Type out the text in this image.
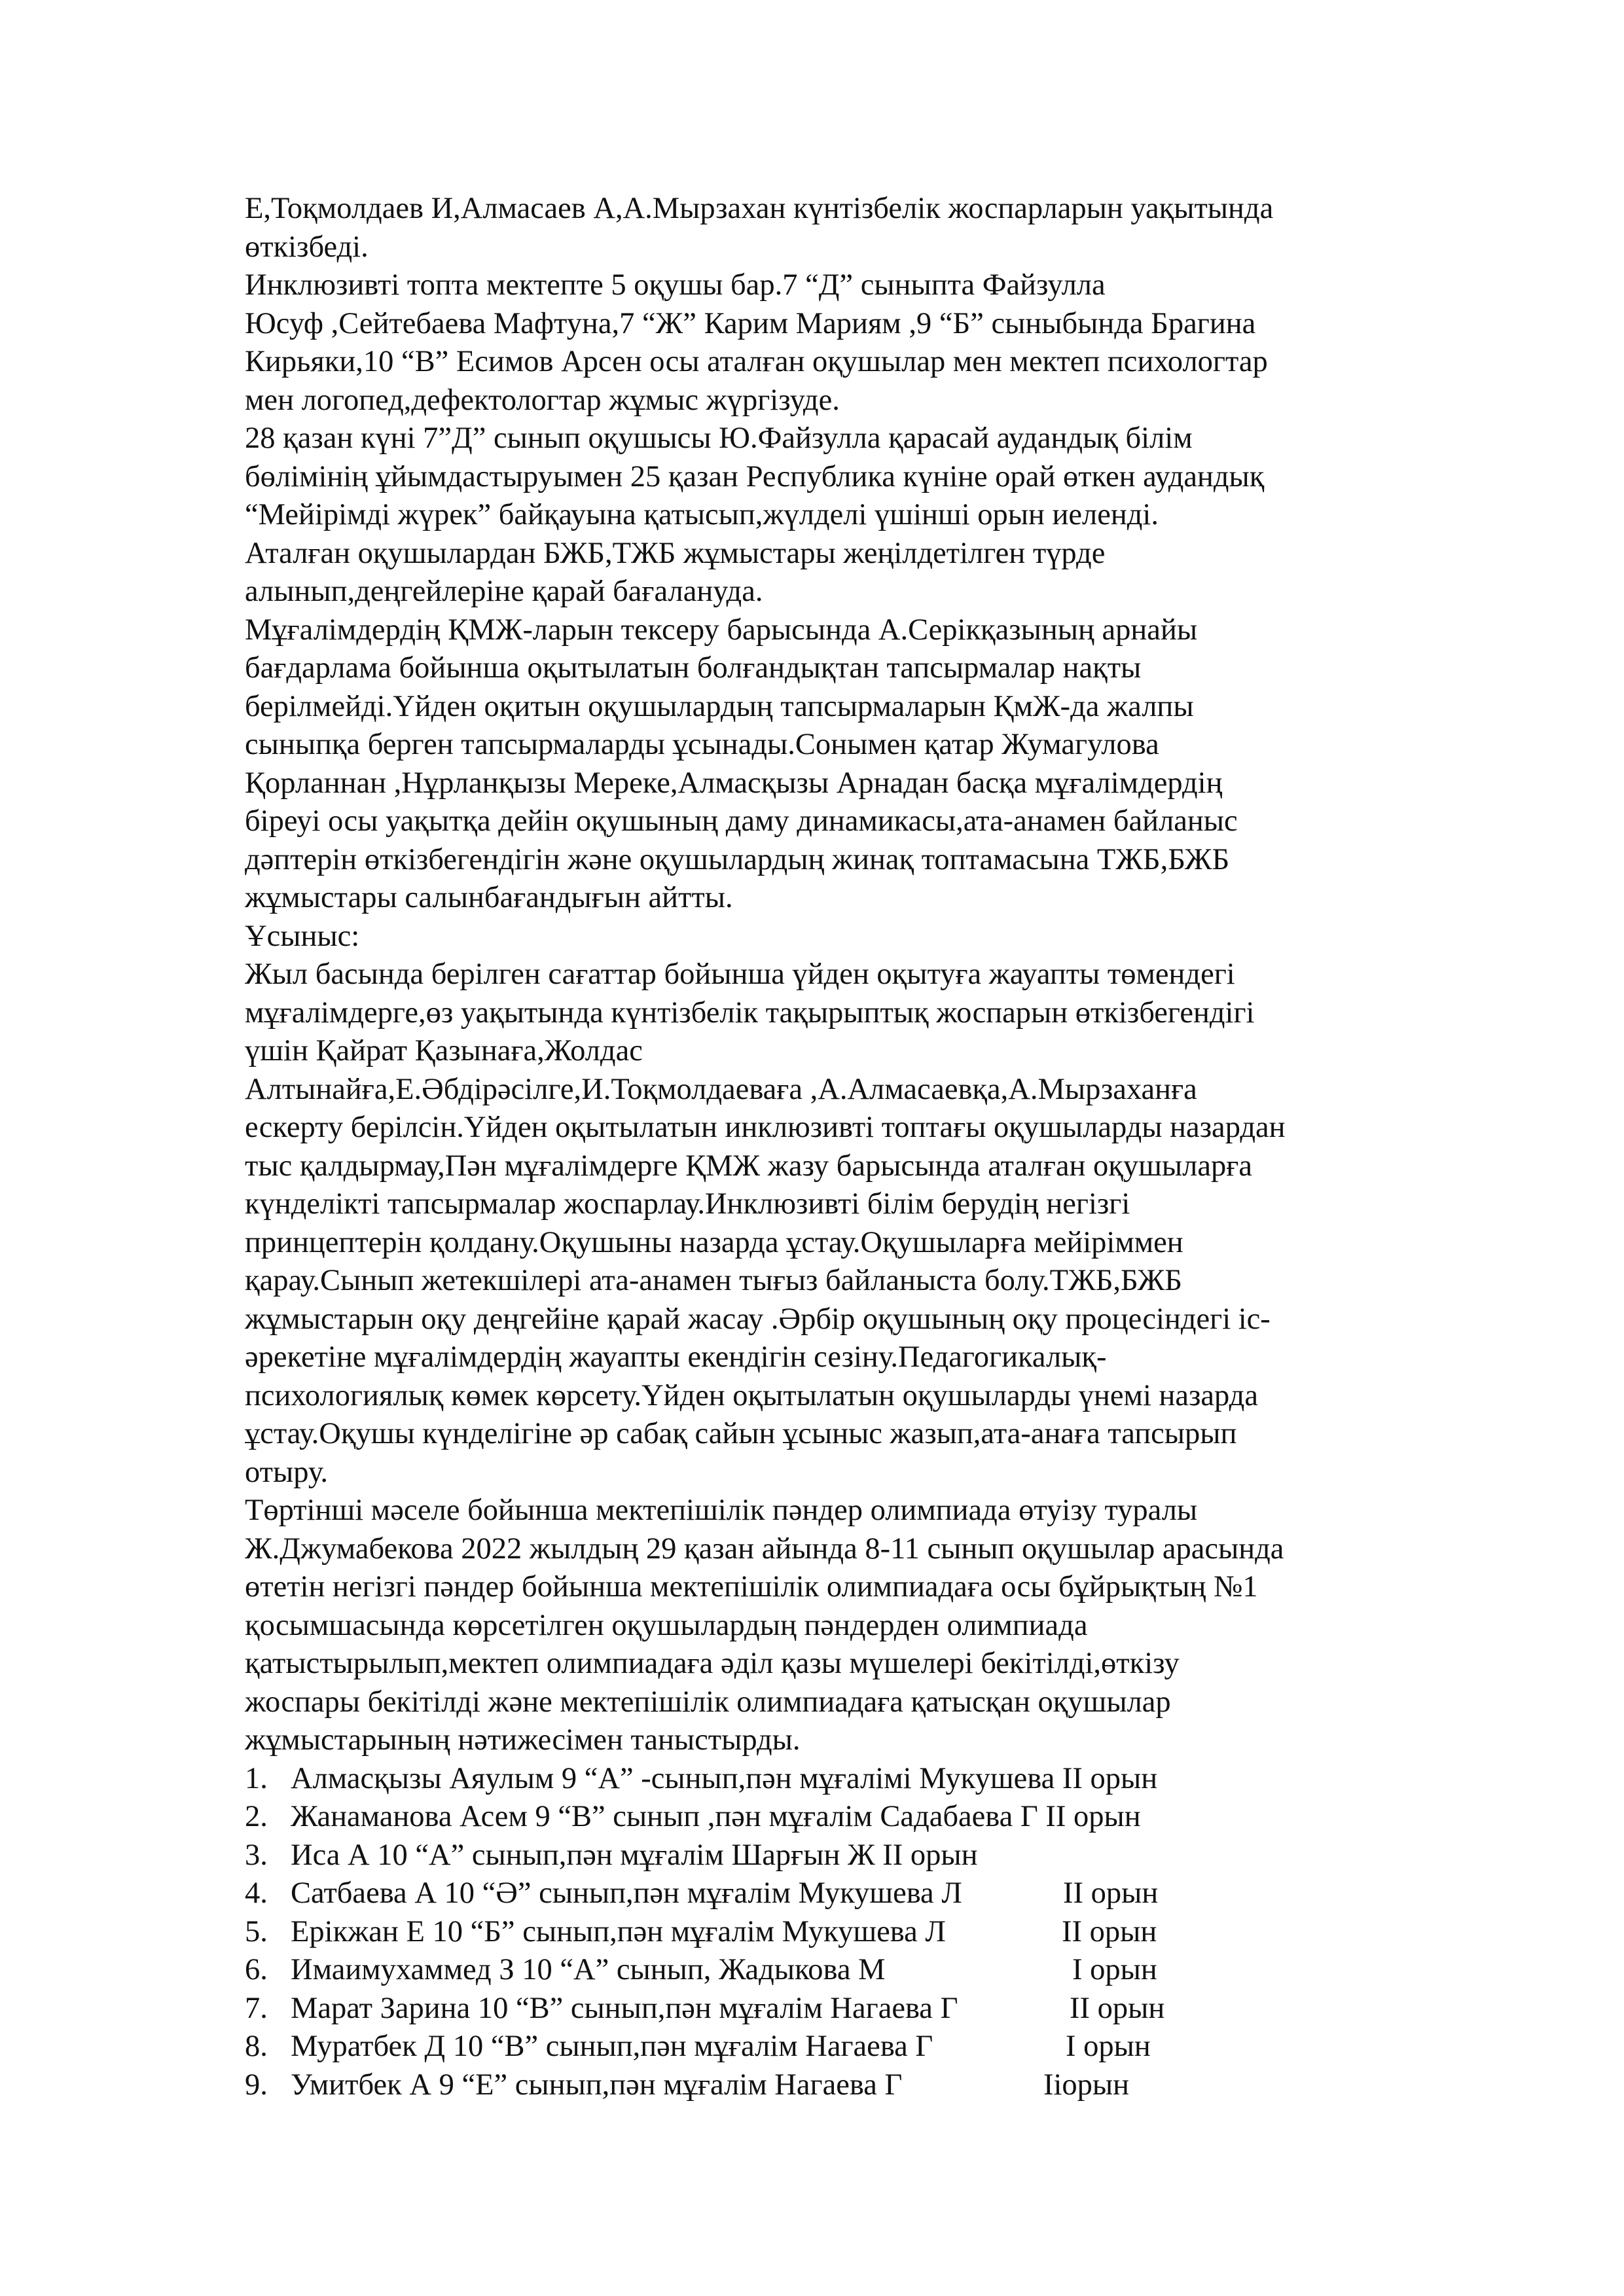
Е,Тоқмолдаев И,Алмасаев А,А.Мырзахан күнтізбелік жоспарларын уақытында
өткізбеді.
Инклюзивті топта мектепте 5 оқушы бар.7 “Д” сыныпта Файзулла
Юсуф ,Сейтебаева Мафтуна,7 “Ж” Карим Мариям ,9 “Б” сыныбында Брагина
Кирьяки,10 “В” Есимов Арсен осы аталған оқушылар мен мектеп психологтар
мен логопед,дефектологтар жұмыс жүргізуде.
28 қазан күні 7”Д” сынып оқушысы Ю.Файзулла қарасай аудандық білім
бөлімінің ұйымдастыруымен 25 қазан Республика күніне орай өткен аудандық
“Мейірімді жүрек” байқауына қатысып,жүлделі үшінші орын иеленді.
Аталған оқушылардан БЖБ,ТЖБ жұмыстары жеңілдетілген түрде
алынып,деңгейлеріне қарай бағалануда.
Мұғалімдердің ҚМЖ-ларын тексеру барысында А.Серікқазының арнайы
бағдарлама бойынша оқытылатын болғандықтан тапсырмалар нақты
берілмейді.Үйден оқитын оқушылардың тапсырмаларын ҚмЖ-да жалпы
сыныпқа берген тапсырмаларды ұсынады.Сонымен қатар Жумагулова
Қорланнан ,Нұрланқызы Мереке,Алмасқызы Арнадан басқа мұғалімдердің
біреуі осы уақытқа дейін оқушының даму динамикасы,ата-анамен байланыс
дәптерін өткізбегендігін және оқушылардың жинақ топтамасына ТЖБ,БЖБ
жұмыстары салынбағандығын айтты.
Ұсыныс:
Жыл басында берілген сағаттар бойынша үйден оқытуға жауапты төмендегі
мұғалімдерге,өз уақытында күнтізбелік тақырыптық жоспарын өткізбегендігі
үшін Қайрат Қазынаға,Жолдас
Алтынайға,Е.Әбдірәсілге,И.Тоқмолдаеваға ,А.Алмасаевқа,А.Мырзаханға
ескерту берілсін.Үйден оқытылатын инклюзивті топтағы оқушыларды назардан
тыс қалдырмау,Пән мұғалімдерге ҚМЖ жазу барысында аталған оқушыларға
күнделікті тапсырмалар жоспарлау.Инклюзивті білім берудің негізгі
принцептерін қолдану.Оқушыны назарда ұстау.Оқушыларға мейіріммен
қарау.Сынып жетекшілері ата-анамен тығыз байланыста болу.ТЖБ,БЖБ
жұмыстарын оқу деңгейіне қарай жасау .Әрбір оқушының оқу процесіндегі іс-
әрекетіне мұғалімдердің жауапты екендігін сезіну.Педагогикалық-
психологиялық көмек көрсету.Үйден оқытылатын оқушыларды үнемі назарда
ұстау.Оқушы күнделігіне әр сабақ сайын ұсыныс жазып,ата-анаға тапсырып
отыру.
Төртінші мәселе бойынша мектепішілік пәндер олимпиада өтуізу туралы
Ж.Джумабекова 2022 жылдың 29 қазан айында 8-11 сынып оқушылар арасында
өтетін негізгі пәндер бойынша мектепішілік олимпиадаға осы бұйрықтың №1
қосымшасында көрсетілген оқушылардың пәндерден олимпиада
қатыстырылып,мектеп олимпиадаға әділ қазы мүшелері бекітілді,өткізу
жоспары бекітілді және мектепішілік олимпиадаға қатысқан оқушылар
жұмыстарының нәтижесімен таныстырды.
1. Алмасқызы Аяулым 9 “А” -сынып,пән мұғалімі Мукушева ІІ орын
2. Жанаманова Асем 9 “В” сынып ,пән мұғалім Садабаева Г ІІ орын
3. Иса А 10 “А” сынып,пән мұғалім Шарғын Ж ІІ орын
4. Сатбаева А 10 “Ә” сынып,пән мұғалім Мукушева Л	ІІ орын
5. Ерікжан Е 10 “Б” сынып,пән мұғалім Мукушева Л	ІІ орын
6. Имаимухаммед З 10 “А” сынып, Жадыкова М	І орын
7. Марат Зарина 10 “В” сынып,пән мұғалім Нагаева Г	ІІ орын
8. Муратбек Д 10 “В” сынып,пән мұғалім Нагаева Г	І орын
9. Умитбек А 9 “Е” сынып,пән мұғалім Нагаева Г	Ііорын
